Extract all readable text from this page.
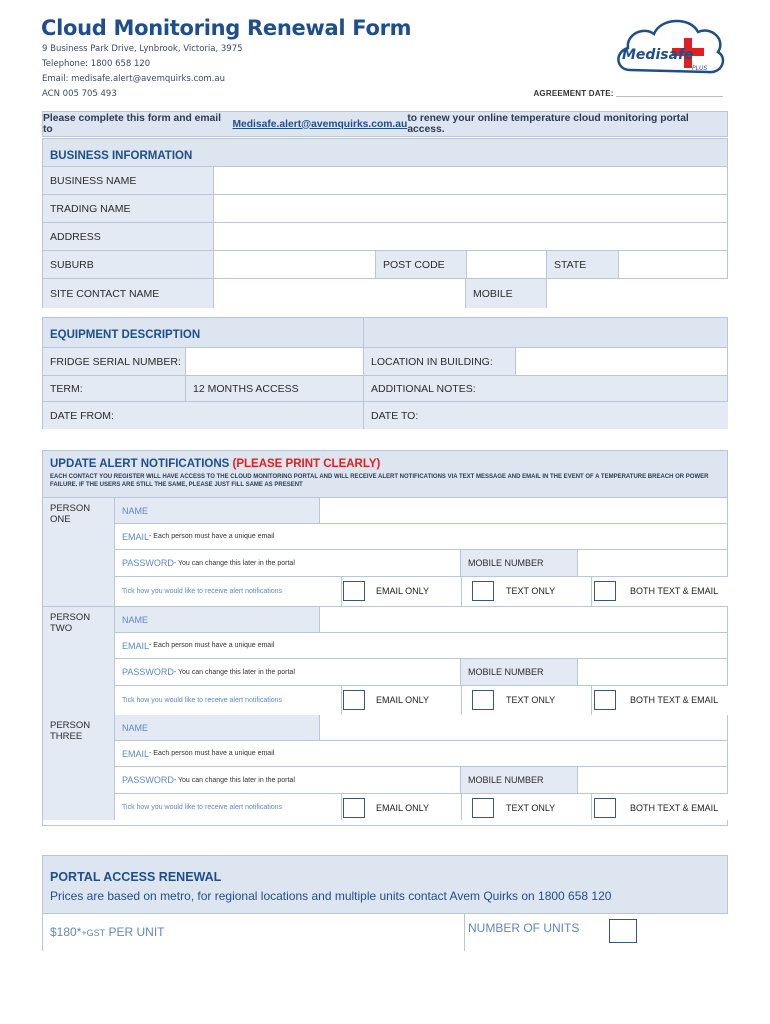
Cloud Monitoring Renewal Form
9 Business Park Drive, Lynbrook, Victoria, 3975
Telephone: 1800 658 120
Email: medisafe.alert@avemquirks.com.au
ACN 005 705 493	AGREEMENT DATE: _______________________
Medisafe
PLUS
Please complete this form and email to	Medisafe.alert@avemquirks.com.au to renew your online temperature cloud monitoring portal access.
BUSINESS INFORMATION
BUSINESS NAME
TRADING NAME
ADDRESS
SUBURB	POST CODE	STATE
SITE CONTACT NAME	MOBILE
EQUIPMENT DESCRIPTION
FRIDGE SERIAL NUMBER:	LOCATION IN BUILDING:
TERM:	12 MONTHS ACCESS	ADDITIONAL NOTES:
DATE FROM:	DATE TO:
UPDATE ALERT NOTIFICATIONS (PLEASE PRINT CLEARLY)
EACH CONTACT YOU REGISTER WILL HAVE ACCESS TO THE CLOUD MONITORING PORTAL AND WILL RECEIVE ALERT NOTIFICATIONS VIA TEXT MESSAGE AND EMAIL IN THE EVENT OF A TEMPERATURE BREACH OR POWER FAILURE. IF THE USERS ARE STILL THE SAME, PLEASE JUST FILL SAME AS PRESENT
PERSON
ONE
NAME
EMAIL - Each person must have a unique email
PASSWORD - You can change this later in the portal	MOBILE NUMBER
Tick how you would like to receive alert notifications	EMAIL ONLY	TEXT ONLY	BOTH TEXT & EMAIL
PERSON
TWO
NAME
EMAIL - Each person must have a unique email
PASSWORD - You can change this later in the portal	MOBILE NUMBER
Tick how you would like to receive alert notifications	EMAIL ONLY	TEXT ONLY	BOTH TEXT & EMAIL
PERSON
THREE
NAME
EMAIL - Each person must have a unique email
PASSWORD - You can change this later in the portal	MOBILE NUMBER
Tick how you would like to receive alert notifications	EMAIL ONLY	TEXT ONLY	BOTH TEXT & EMAIL
PORTAL ACCESS RENEWAL
Prices are based on metro, for regional locations and multiple units contact Avem Quirks on 1800 658 120
$180*+GST PER UNIT	NUMBER OF UNITS
